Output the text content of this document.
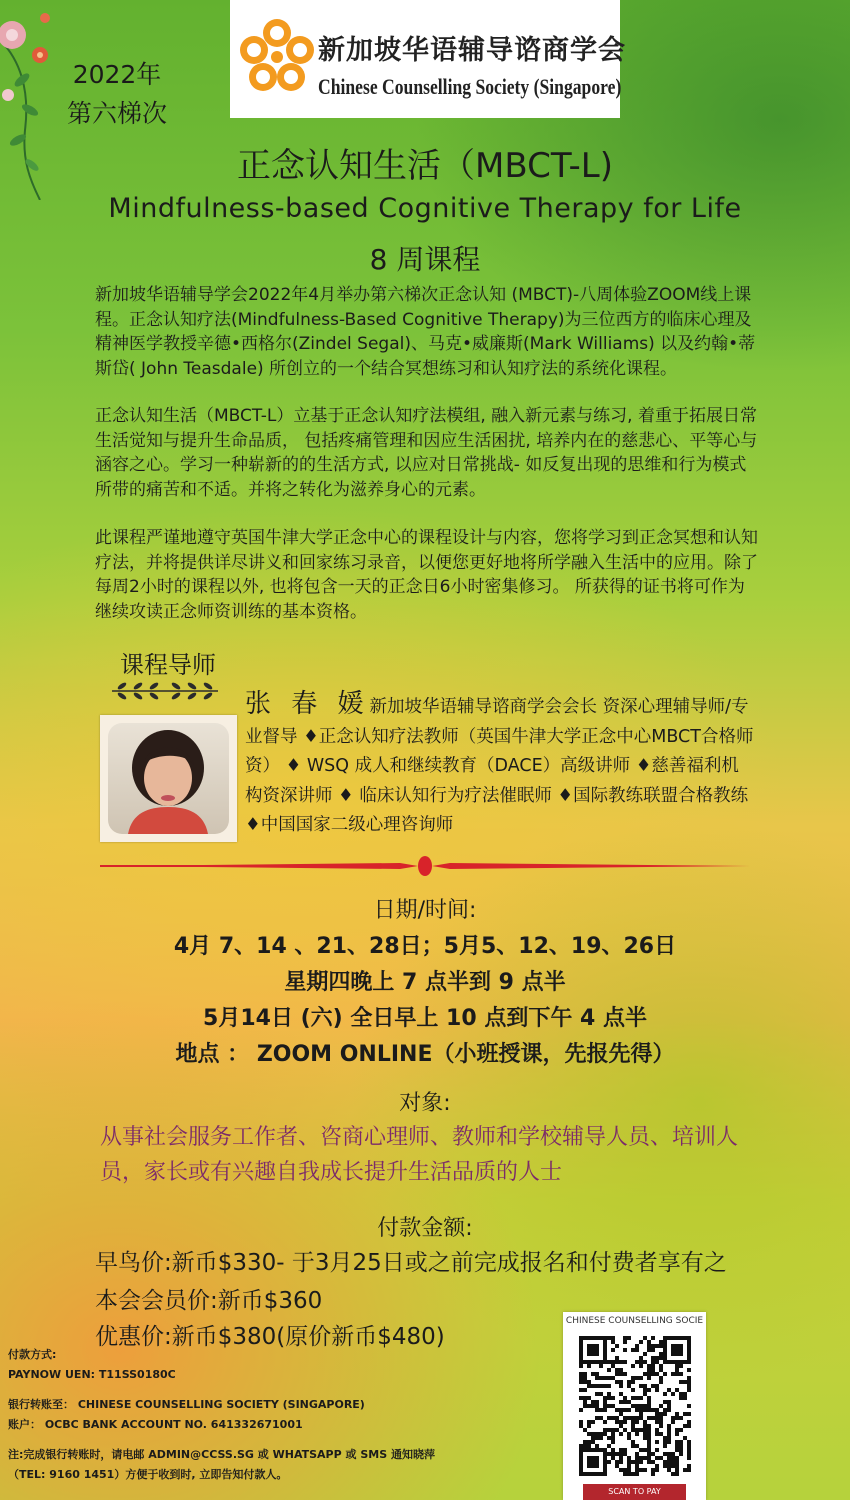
2022年
第六梯次
新加坡华语辅导谘商学会
Chinese Counselling Society (Singapore)
正念认知生活（MBCT-L)
Mindfulness-based Cognitive Therapy for Life
8 周课程
新加坡华语辅导学会2022年4月举办第六梯次正念认知 (MBCT)-八周体验ZOOM线上课程。正念认知疗法(Mindfulness-Based Cognitive Therapy)为三位西方的临床心理及精神医学教授辛德•西格尔(Zindel Segal)、马克•威廉斯(Mark Williams) 以及约翰•蒂斯岱( John Teasdale) 所创立的一个结合冥想练习和认知疗法的系统化课程。
正念认知生活（MBCT-L）立基于正念认知疗法模组, 融入新元素与练习, 着重于拓展日常生活觉知与提升生命品质， 包括疼痛管理和因应生活困扰, 培养内在的慈悲心、平等心与涵容之心。学习一种崭新的的生活方式, 以应对日常挑战- 如反复出现的思维和行为模式所带的痛苦和不适。并将之转化为滋养身心的元素。
此课程严谨地遵守英国牛津大学正念中心的课程设计与内容，您将学习到正念冥想和认知疗法，并将提供详尽讲义和回家练习录音，以便您更好地将所学融入生活中的应用。除了每周2小时的课程以外, 也将包含一天的正念日6小时密集修习。 所获得的证书将可作为继续攻读正念师资训练的基本资格。
课程导师
张 春 媛新加坡华语辅导谘商学会会长 资深心理辅导师/专业督导 ♦正念认知疗法教师（英国牛津大学正念中心MBCT合格师资） ♦ WSQ 成人和继续教育（DACE）高级讲师 ♦慈善福利机构资深讲师 ♦ 临床认知行为疗法催眠师 ♦国际教练联盟合格教练 ♦中国国家二级心理咨询师
日期/时间:
4月 7、14 、21、28日；5月5、12、19、26日
星期四晚上 7 点半到 9 点半
5月14日 (六) 全日早上 10 点到下午 4 点半
地点 ： ZOOM ONLINE（小班授课，先报先得）
对象:
从事社会服务工作者、咨商心理师、教师和学校辅导人员、培训人员，家长或有兴趣自我成长提升生活品质的人士
付款金额:
早鸟价:新币$330- 于3月25日或之前完成报名和付费者享有之
本会会员价:新币$360
优惠价:新币$380(原价新币$480)
付款方式:
PAYNOW UEN: T11SS0180C
银行转账至： CHINESE COUNSELLING SOCIETY (SINGAPORE)
账户： OCBC BANK ACCOUNT NO. 641332671001
注:完成银行转账时，请电邮 ADMIN@CCSS.SG 或 WHATSAPP 或 SMS 通知晓萍
（TEL: 9160 1451）方便于收到时, 立即告知付款人。
CHINESE COUNSELLING SOCIE
SCAN TO PAY
